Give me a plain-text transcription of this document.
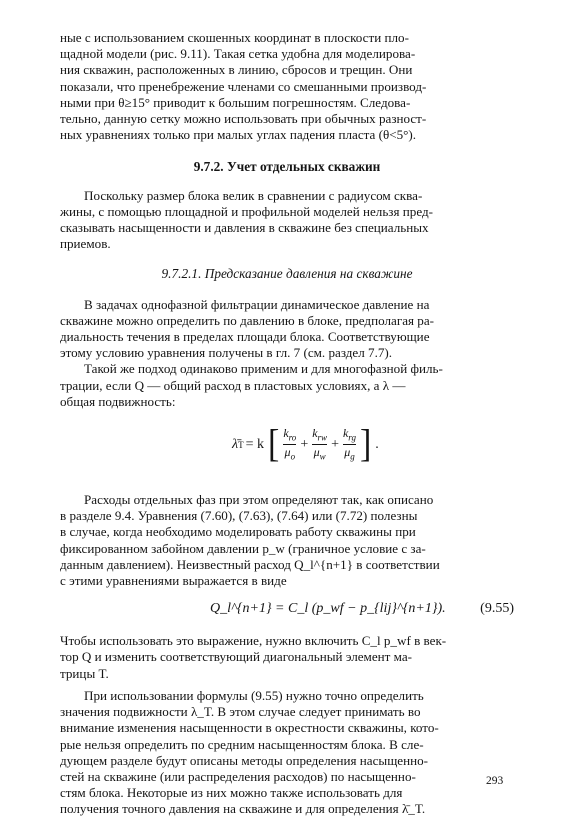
ные с использованием скошенных координат в плоскости пло-

щадной модели (рис. 9.11). Такая сетка удобна для моделирова-

ния скважин, расположенных в линию, сбросов и трещин. Они

показали, что пренебрежение членами со смешанными производ-

ными при θ≥15° приводит к большим погрешностям. Следова-

тельно, данную сетку можно использовать при обычных разност-

ных уравнениях только при малых углах падения пласта (θ<5°).

9.7.2. Учет отдельных скважин

Поскольку размер блока велик в сравнении с радиусом сква-

жины, с помощью площадной и профильной моделей нельзя пред-

сказывать насыщенности и давления в скважине без специальных

приемов.

9.7.2.1. Предсказание давления на скважине

В задачах однофазной фильтрации динамическое давление на

скважине можно определить по давлению в блоке, предполагая ра-

диальность течения в пределах площади блока. Соответствующие

этому условию уравнения получены в гл. 7 (см. раздел 7.7).

Такой же подход одинаково применим и для многофазной филь-

трации, если Q — общий расход в пластовых условиях, а λ —

общая подвижность:

λ̄ T = k [ $\frac{k_{ro}}{\mu_o} + \frac{k_{rw}}{\mu_w} + \frac{k_{rg}}{\mu_g}$ ] .

Расходы отдельных фаз при этом определяют так, как описано

в разделе 9.4. Уравнения (7.60), (7.63), (7.64) или (7.72) полезны

в случае, когда необходимо моделировать работу скважины при

фиксированном забойном давлении p_w (граничное условие с за-

данным давлением). Неизвестный расход Q_l^{n+1} в соответствии

с этими уравнениями выражается в виде

Q_l^{n+1} = C_l (p_wf − p_{lij}^{n+1}). (9.55)

Чтобы использовать это выражение, нужно включить C_l p_wf в век-

тор Q и изменить соответствующий диагональный элемент ма-

трицы T.

При использовании формулы (9.55) нужно точно определить

значения подвижности λ_T. В этом случае следует принимать во

внимание изменения насыщенности в окрестности скважины, кото-

рые нельзя определить по средним насыщенностям блока. В сле-

дующем разделе будут описаны методы определения насыщенно-

стей на скважине (или распределения расходов) по насыщенно-

стям блока. Некоторые из них можно также использовать для

получения точного давления на скважине и для определения λ̄_T.

293
